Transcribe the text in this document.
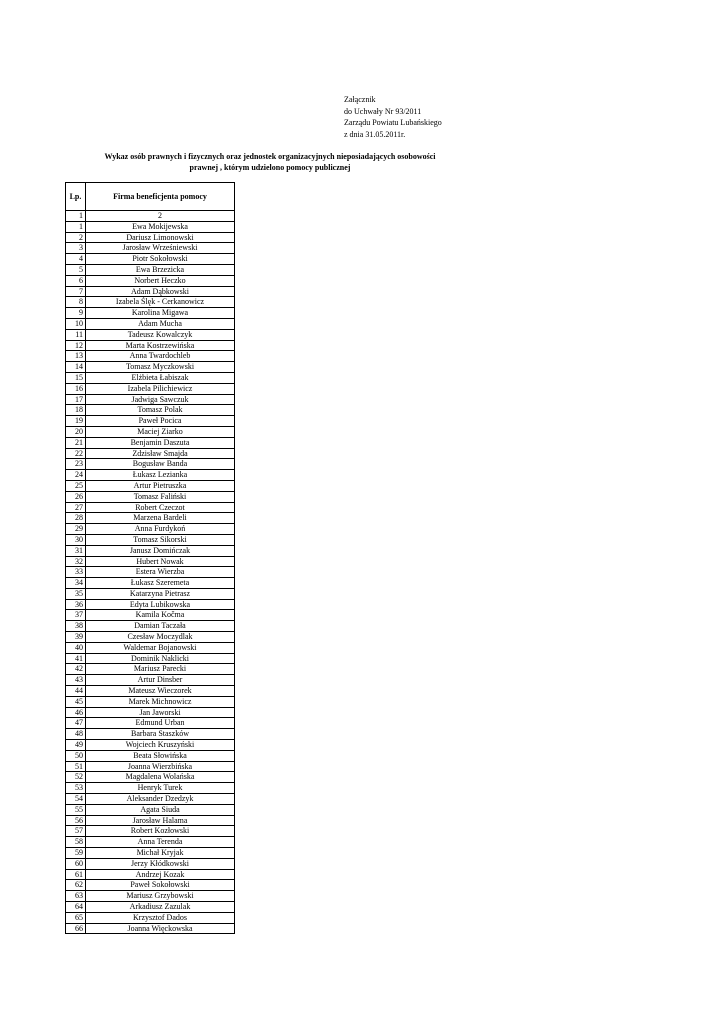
Załącznik
do Uchwały Nr 93/2011
Zarządu Powiatu Lubańskiego
z dnia 31.05.2011r.
Wykaz osób prawnych i fizycznych oraz jednostek organizacyjnych nieposiadających osobowości
prawnej , którym udzielono pomocy publicznej
Lp.	Firma beneficjenta pomocy
1	2
1	Ewa Mokijewska
2	Dariusz Limonowski
3	Jarosław Wrześniewski
4	Piotr Sokołowski
5	Ewa Brzezicka
6	Norbert Heczko
7	Adam Dąbkowski
8	Izabela Ślęk - Cerkanowicz
9	Karolina Migawa
10	Adam Mucha
11	Tadeusz Kowalczyk
12	Marta Kostrzewińska
13	Anna Twardochleb
14	Tomasz Myczkowski
15	Elżbieta Łabiszak
16	Izabela Pilichiewicz
17	Jadwiga Sawczuk
18	Tomasz Polak
19	Paweł Pocica
20	Maciej Ziarko
21	Benjamin Daszuta
22	Zdzisław Smajda
23	Bogusław Banda
24	Łukasz Lezianka
25	Artur Pietruszka
26	Tomasz Faliński
27	Robert Czeczot
28	Marzena Bardeli
29	Anna Furdykoń
30	Tomasz Sikorski
31	Janusz Domińczak
32	Hubert Nowak
33	Estera Wierzba
34	Łukasz Szeremeta
35	Katarzyna Pietrasz
36	Edyta Lubikowska
37	Kamila Kočma
38	Damian Taczała
39	Czesław Moczydlak
40	Waldemar Bojanowski
41	Dominik Naklicki
42	Mariusz Parecki
43	Artur Dinsber
44	Mateusz Wieczorek
45	Marek Michnowicz
46	Jan Jaworski
47	Edmund Urban
48	Barbara Staszków
49	Wojciech Kruszyński
50	Beata Słowińska
51	Joanna Wierzbińska
52	Magdalena Wolańska
53	Henryk Turek
54	Aleksander Dzedzyk
55	Agata Siuda
56	Jarosław Halama
57	Robert Kozłowski
58	Anna Terenda
59	Michał Kryjak
60	Jerzy Kłódkowski
61	Andrzej Kozak
62	Paweł Sokołowski
63	Mariusz Grzybowski
64	Arkadiusz Zazulak
65	Krzysztof Dados
66	Joanna Więckowska
